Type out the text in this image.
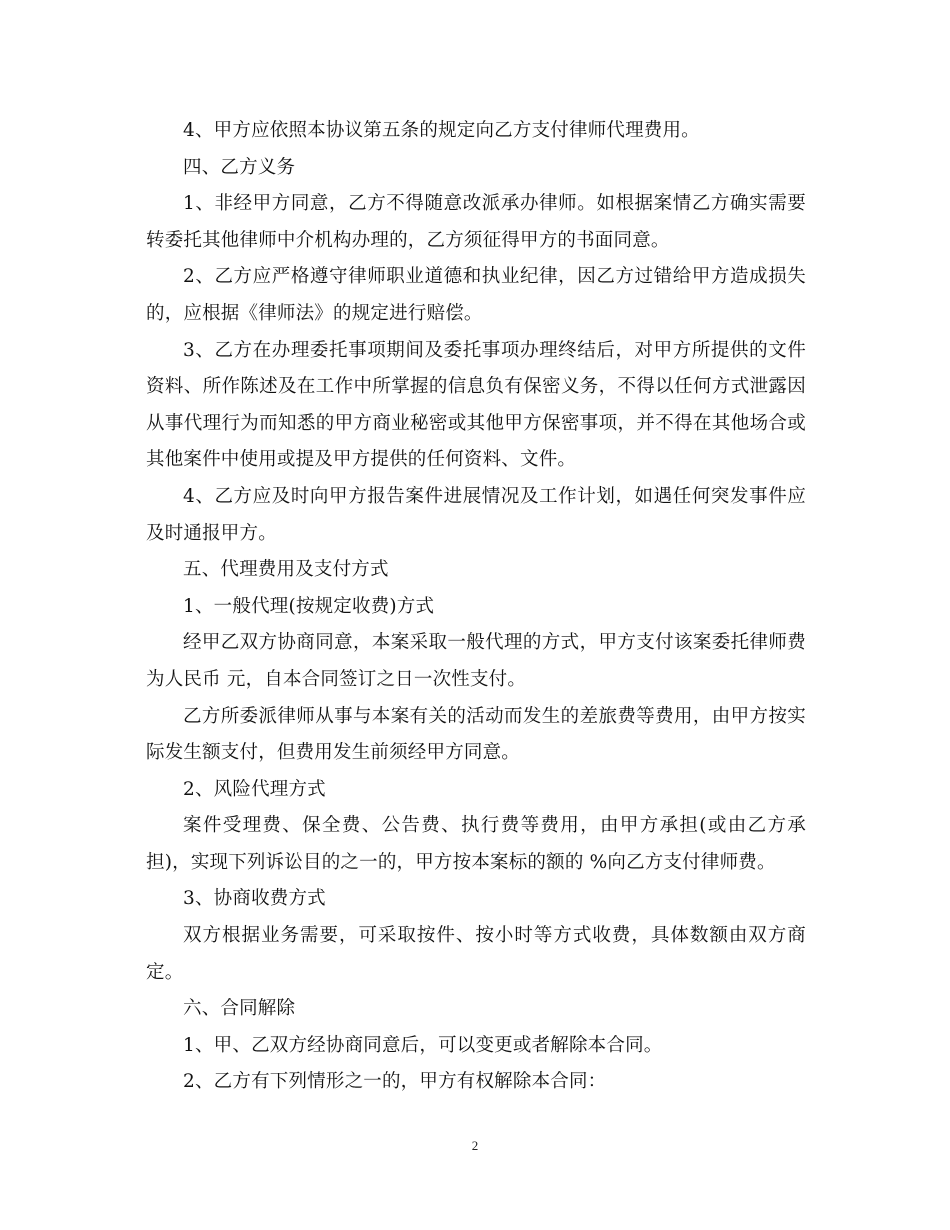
4、甲方应依照本协议第五条的规定向乙方支付律师代理费用。

四、乙方义务

1、非经甲方同意，乙方不得随意改派承办律师。如根据案情乙方确实需要转委托其他律师中介机构办理的，乙方须征得甲方的书面同意。

2、乙方应严格遵守律师职业道德和执业纪律，因乙方过错给甲方造成损失的，应根据《律师法》的规定进行赔偿。

3、乙方在办理委托事项期间及委托事项办理终结后，对甲方所提供的文件资料、所作陈述及在工作中所掌握的信息负有保密义务，不得以任何方式泄露因从事代理行为而知悉的甲方商业秘密或其他甲方保密事项，并不得在其他场合或其他案件中使用或提及甲方提供的任何资料、文件。

4、乙方应及时向甲方报告案件进展情况及工作计划，如遇任何突发事件应及时通报甲方。

五、代理费用及支付方式

1、一般代理(按规定收费)方式

经甲乙双方协商同意，本案采取一般代理的方式，甲方支付该案委托律师费为人民币 元，自本合同签订之日一次性支付。

乙方所委派律师从事与本案有关的活动而发生的差旅费等费用，由甲方按实际发生额支付，但费用发生前须经甲方同意。

2、风险代理方式

案件受理费、保全费、公告费、执行费等费用，由甲方承担(或由乙方承担)，实现下列诉讼目的之一的，甲方按本案标的额的 %向乙方支付律师费。

3、协商收费方式

双方根据业务需要，可采取按件、按小时等方式收费，具体数额由双方商定。

六、合同解除

1、甲、乙双方经协商同意后，可以变更或者解除本合同。

2、乙方有下列情形之一的，甲方有权解除本合同：

2
